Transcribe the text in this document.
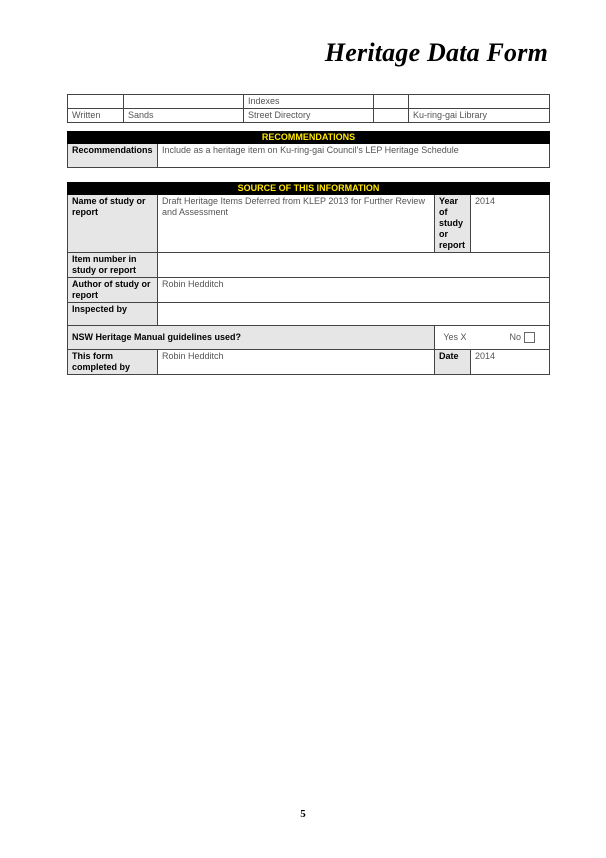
Heritage Data Form
		Indexes		
Written	Sands	Street Directory		Ku-ring-gai Library
RECOMMENDATIONS
Recommendations	Include as a heritage item on Ku-ring-gai Council's LEP Heritage Schedule
SOURCE OF THIS INFORMATION			
Name of study or report	Draft Heritage Items Deferred from KLEP 2013 for Further Review and Assessment	Year of study or report	2014
Item number in study or report			
Author of study or report	Robin Hedditch		
Inspected by			
NSW Heritage Manual guidelines used?		Yes X	No
This form completed by	Robin Hedditch	Date	2014
5
